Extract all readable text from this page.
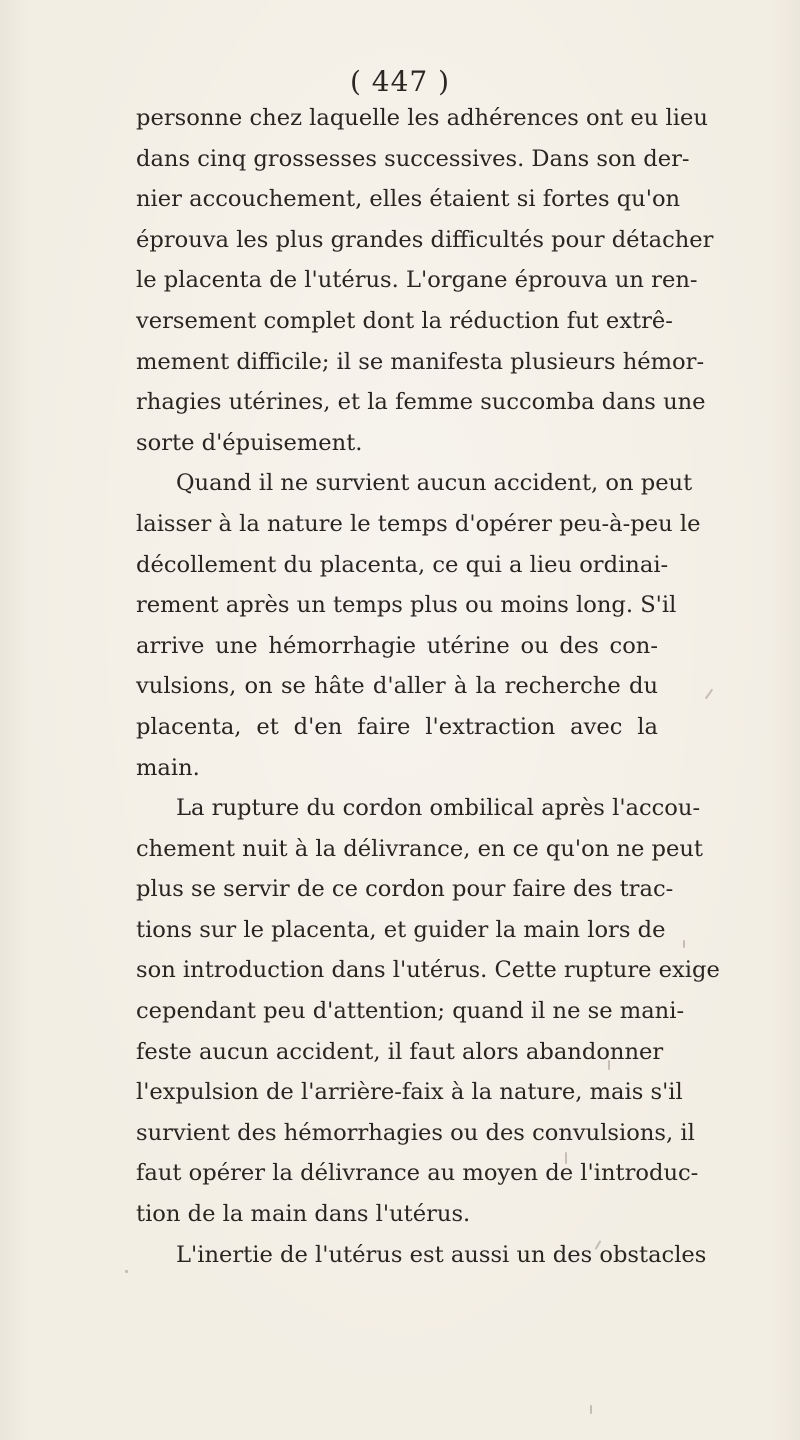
( 447 )
personne chez laquelle les adhérences ont eu lieu
dans cinq grossesses successives. Dans son der-
nier accouchement, elles étaient si fortes qu'on
éprouva les plus grandes difficultés pour détacher
le placenta de l'utérus. L'organe éprouva un ren-
versement complet dont la réduction fut extrê-
mement difficile; il se manifesta plusieurs hémor-
rhagies utérines, et la femme succomba dans une
sorte d'épuisement.
Quand il ne survient aucun accident, on peut
laisser à la nature le temps d'opérer peu-à-peu le
décollement du placenta, ce qui a lieu ordinai-
rement après un temps plus ou moins long. S'il
arrive une hémorrhagie utérine ou des con-
vulsions, on se hâte d'aller à la recherche du
placenta, et d'en faire l'extraction avec la
main.
La rupture du cordon ombilical après l'accou-
chement nuit à la délivrance, en ce qu'on ne peut
plus se servir de ce cordon pour faire des trac-
tions sur le placenta, et guider la main lors de
son introduction dans l'utérus. Cette rupture exige
cependant peu d'attention; quand il ne se mani-
feste aucun accident, il faut alors abandonner
l'expulsion de l'arrière-faix à la nature, mais s'il
survient des hémorrhagies ou des convulsions, il
faut opérer la délivrance au moyen de l'introduc-
tion de la main dans l'utérus.
L'inertie de l'utérus est aussi un des obstacles
